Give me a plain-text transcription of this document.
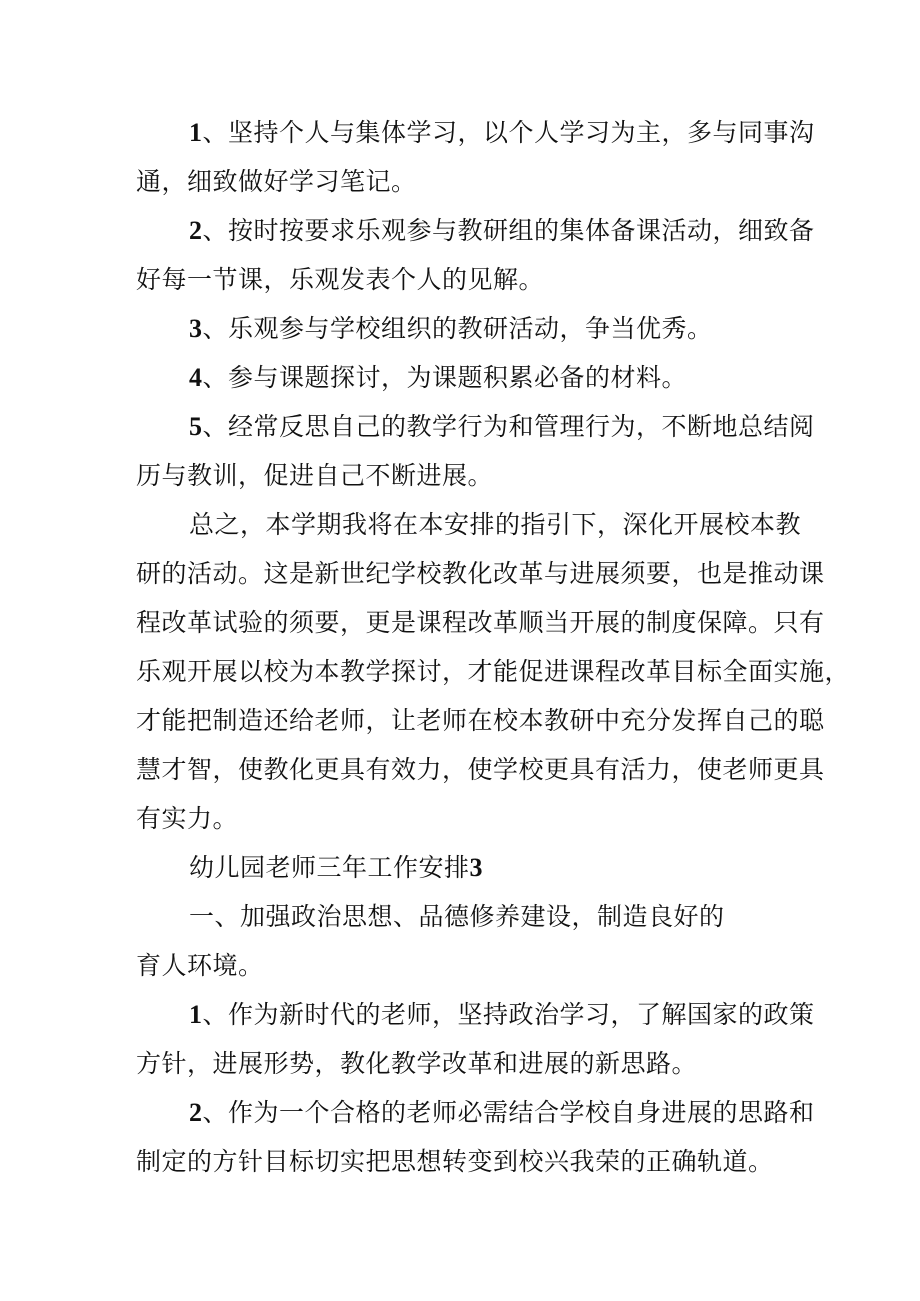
1、坚持个人与集体学习，以个人学习为主，多与同事沟
通，细致做好学习笔记。
2、按时按要求乐观参与教研组的集体备课活动，细致备
好每一节课，乐观发表个人的见解。
3、乐观参与学校组织的教研活动，争当优秀。
4、参与课题探讨，为课题积累必备的材料。
5、经常反思自己的教学行为和管理行为，不断地总结阅
历与教训，促进自己不断进展。
总之，本学期我将在本安排的指引下，深化开展校本教
研的活动。这是新世纪学校教化改革与进展须要，也是推动课
程改革试验的须要，更是课程改革顺当开展的制度保障。只有
乐观开展以校为本教学探讨，才能促进课程改革目标全面实施，
才能把制造还给老师，让老师在校本教研中充分发挥自己的聪
慧才智，使教化更具有效力，使学校更具有活力，使老师更具
有实力。
幼儿园老师三年工作安排3
一、加强政治思想、品德修养建设，制造良好的
育人环境。
1、作为新时代的老师，坚持政治学习，了解国家的政策
方针，进展形势，教化教学改革和进展的新思路。
2、作为一个合格的老师必需结合学校自身进展的思路和
制定的方针目标切实把思想转变到校兴我荣的正确轨道。
